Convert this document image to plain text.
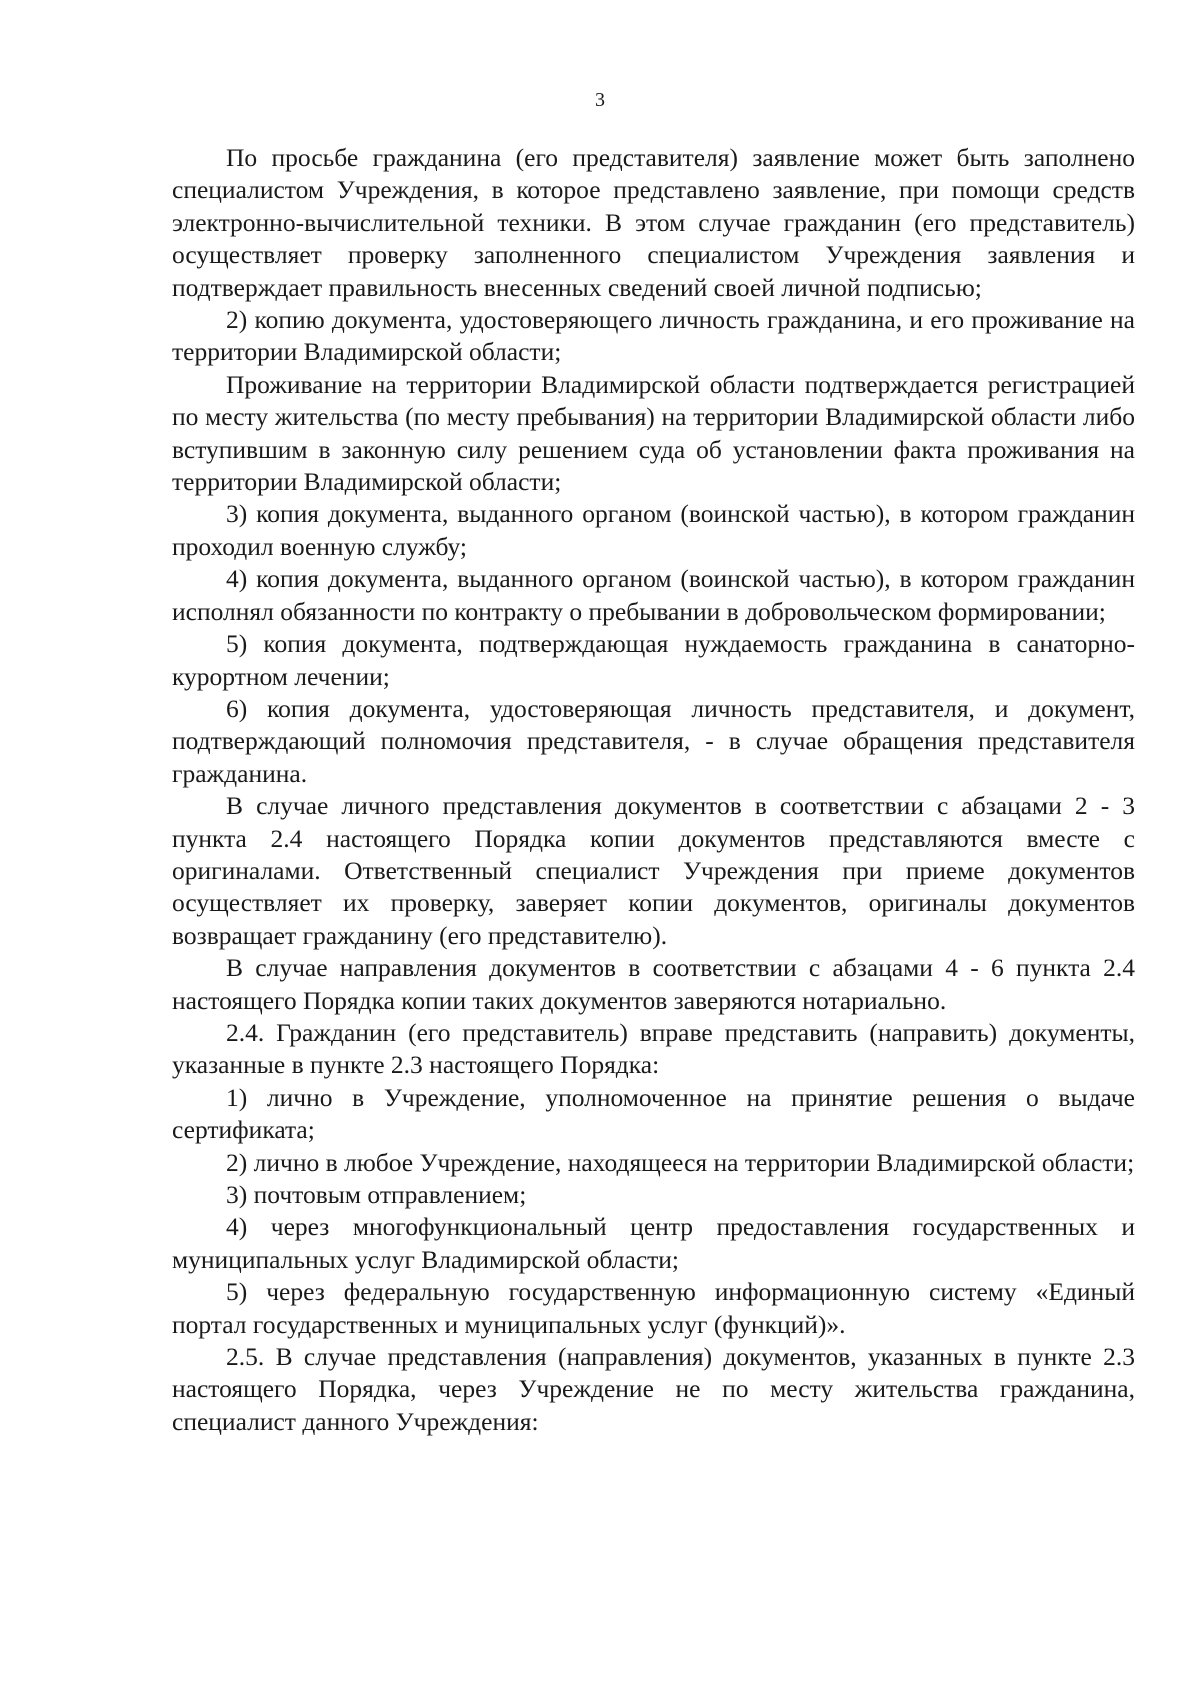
3

По просьбе гражданина (его представителя) заявление может быть заполнено специалистом Учреждения, в которое представлено заявление, при помощи средств электронно-вычислительной техники. В этом случае гражданин (его представитель) осуществляет проверку заполненного специалистом Учреждения заявления и подтверждает правильность внесенных сведений своей личной подписью;

2) копию документа, удостоверяющего личность гражданина, и его проживание на территории Владимирской области;

Проживание на территории Владимирской области подтверждается регистрацией по месту жительства (по месту пребывания) на территории Владимирской области либо вступившим в законную силу решением суда об установлении факта проживания на территории Владимирской области;

3) копия документа, выданного органом (воинской частью), в котором гражданин проходил военную службу;

4) копия документа, выданного органом (воинской частью), в котором гражданин исполнял обязанности по контракту о пребывании в добровольческом формировании;

5) копия документа, подтверждающая нуждаемость гражданина в санаторно-курортном лечении;

6) копия документа, удостоверяющая личность представителя, и документ, подтверждающий полномочия представителя, - в случае обращения представителя гражданина.

В случае личного представления документов в соответствии с абзацами 2 - 3 пункта 2.4 настоящего Порядка копии документов представляются вместе с оригиналами. Ответственный специалист Учреждения при приеме документов осуществляет их проверку, заверяет копии документов, оригиналы документов возвращает гражданину (его представителю).

В случае направления документов в соответствии с абзацами 4 - 6 пункта 2.4 настоящего Порядка копии таких документов заверяются нотариально.

2.4. Гражданин (его представитель) вправе представить (направить) документы, указанные в пункте 2.3 настоящего Порядка:

1) лично в Учреждение, уполномоченное на принятие решения о выдаче сертификата;

2) лично в любое Учреждение, находящееся на территории Владимирской области;

3) почтовым отправлением;

4) через многофункциональный центр предоставления государственных и муниципальных услуг Владимирской области;

5) через федеральную государственную информационную систему «Единый портал государственных и муниципальных услуг (функций)».

2.5. В случае представления (направления) документов, указанных в пункте 2.3 настоящего Порядка, через Учреждение не по месту жительства гражданина, специалист данного Учреждения:
